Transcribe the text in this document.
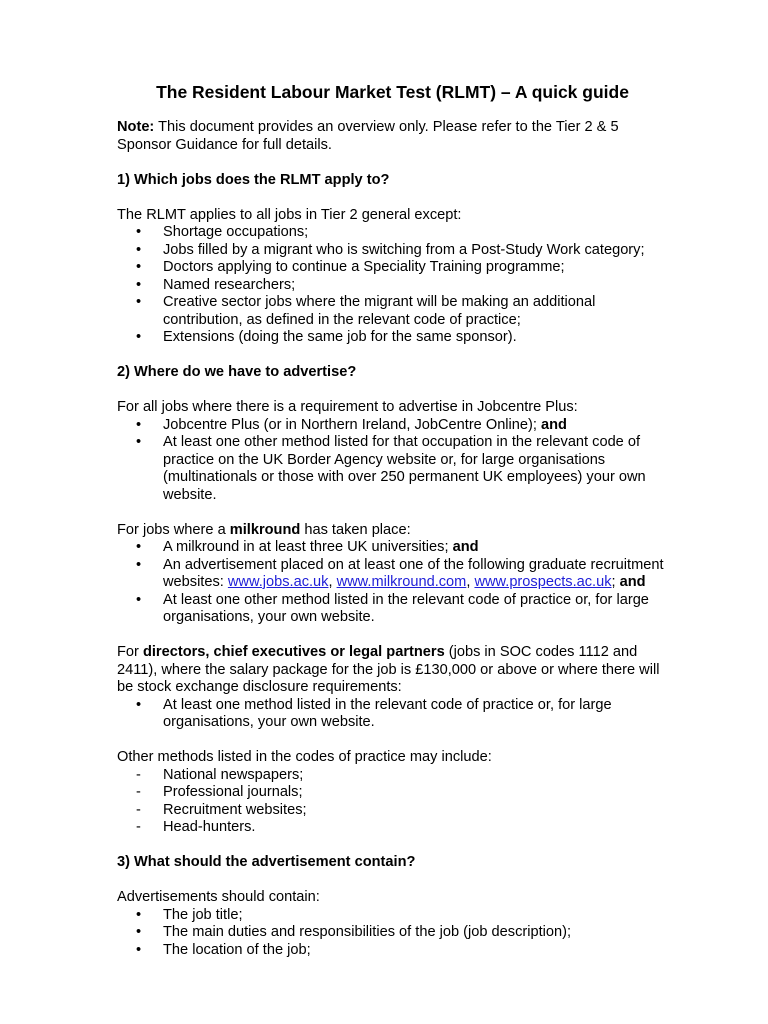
The Resident Labour Market Test (RLMT) – A quick guide

Note: This document provides an overview only. Please refer to the Tier 2 & 5 Sponsor Guidance for full details.

1) Which jobs does the RLMT apply to?

The RLMT applies to all jobs in Tier 2 general except:

• Shortage occupations;
• Jobs filled by a migrant who is switching from a Post-Study Work category;
• Doctors applying to continue a Speciality Training programme;
• Named researchers;
• Creative sector jobs where the migrant will be making an additional contribution, as defined in the relevant code of practice;
• Extensions (doing the same job for the same sponsor).
2) Where do we have to advertise?

For all jobs where there is a requirement to advertise in Jobcentre Plus:

• Jobcentre Plus (or in Northern Ireland, JobCentre Online); and
• At least one other method listed for that occupation in the relevant code of practice on the UK Border Agency website or, for large organisations (multinationals or those with over 250 permanent UK employees) your own website.

For jobs where a milkround has taken place:

• A milkround in at least three UK universities; and
• An advertisement placed on at least one of the following graduate recruitment websites: www.jobs.ac.uk, www.milkround.com, www.prospects.ac.uk; and
• At least one other method listed in the relevant code of practice or, for large organisations, your own website.

For directors, chief executives or legal partners (jobs in SOC codes 1112 and 2411), where the salary package for the job is £130,000 or above or where there will be stock exchange disclosure requirements:

• At least one method listed in the relevant code of practice or, for large organisations, your own website.

Other methods listed in the codes of practice may include:

- National newspapers;
- Professional journals;
- Recruitment websites;
- Head-hunters.
3) What should the advertisement contain?

Advertisements should contain:

• The job title;
• The main duties and responsibilities of the job (job description);
• The location of the job;
